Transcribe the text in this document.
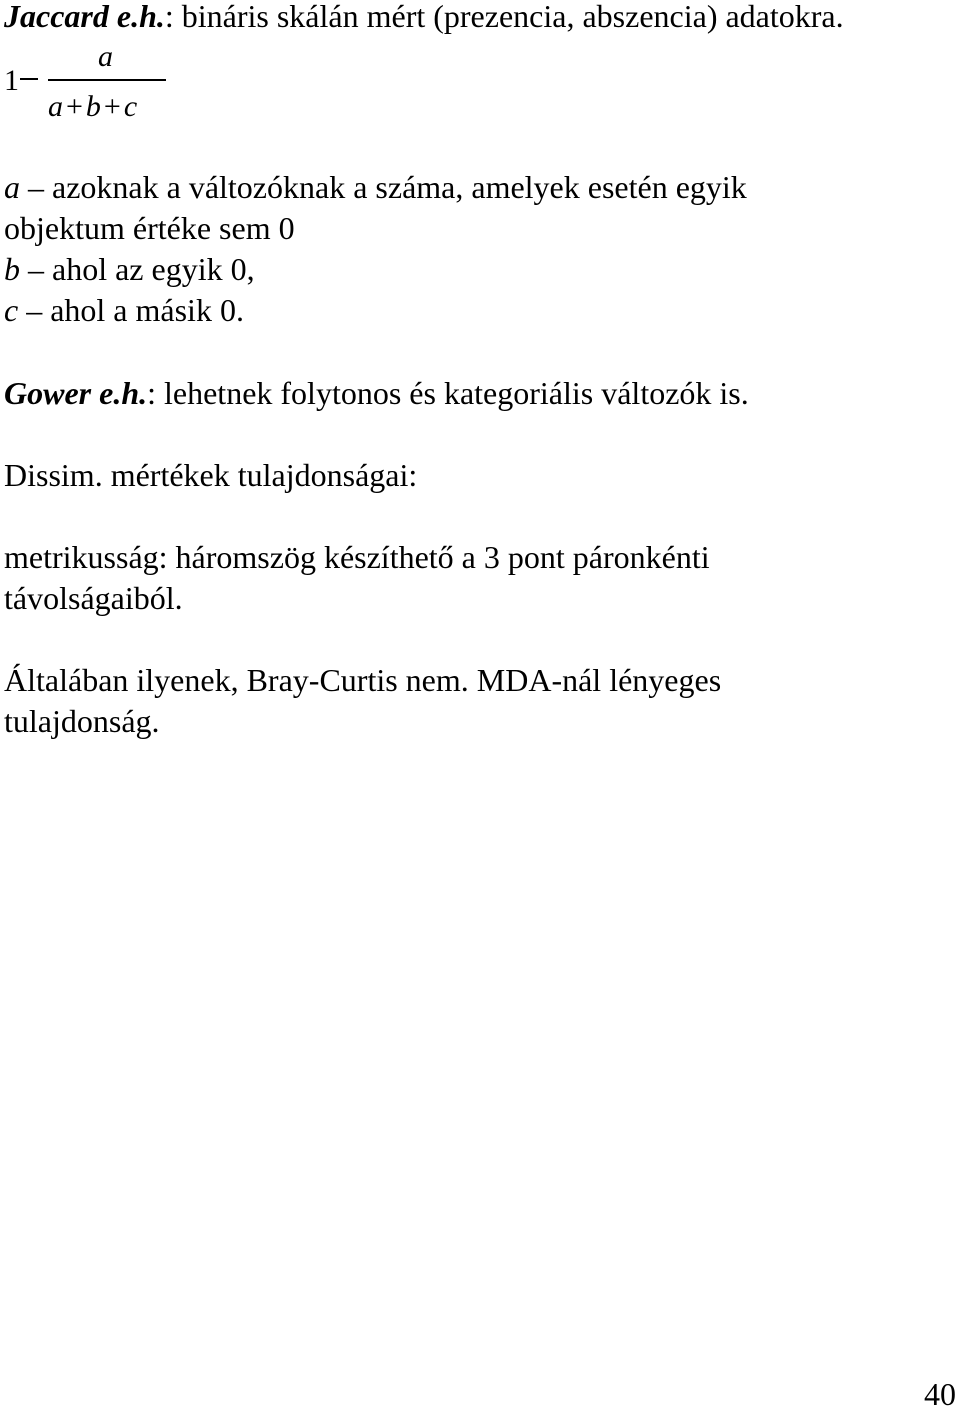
Jaccard e.h.: bináris skálán mért (prezencia, abszencia) adatokra.
1
a
a + b + c
a – azoknak a változóknak a száma, amelyek esetén egyik
objektum értéke sem 0
b – ahol az egyik 0,
c – ahol a másik 0.
Gower e.h.: lehetnek folytonos és kategoriális változók is.
Dissim. mértékek tulajdonságai:
metrikusság: háromszög készíthető a 3 pont páronkénti
távolságaiból.
Általában ilyenek, Bray-Curtis nem. MDA-nál lényeges
tulajdonság.
40
